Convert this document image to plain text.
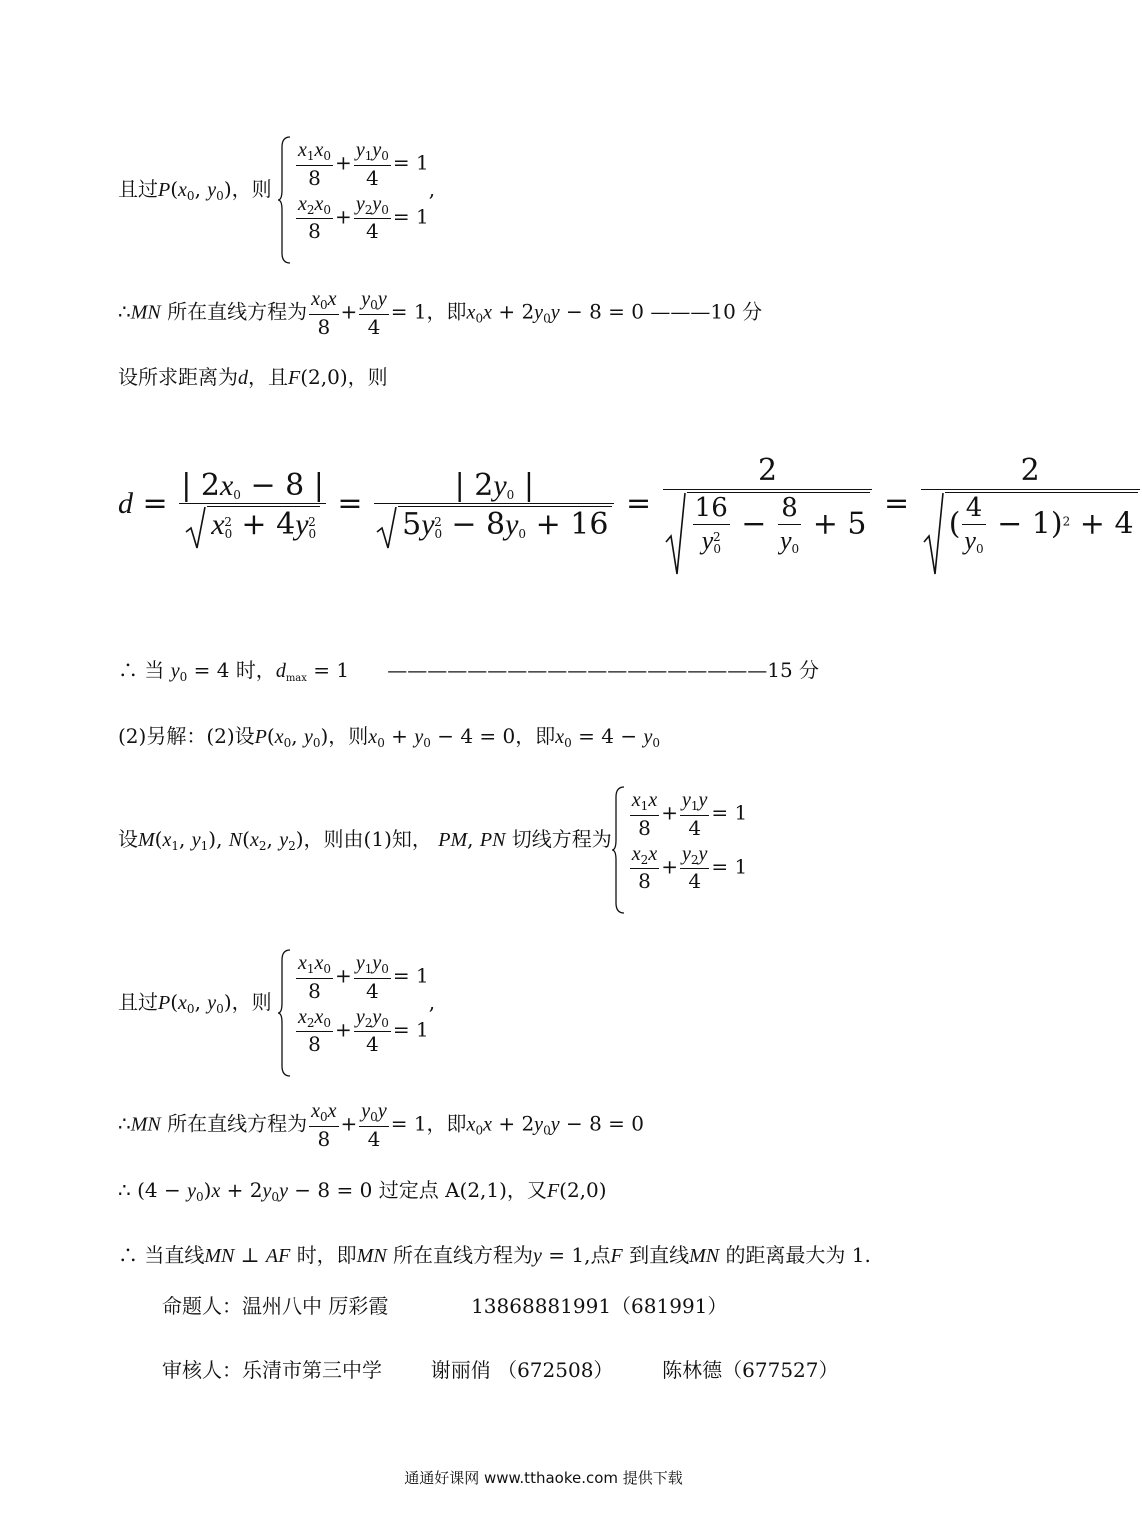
且过$P(x_0$, $y_0$)，则
$\frac{x_1x_0}{8} + \frac{y_1y_0}{4} = 1$
$\frac{x_2x_0}{8} + \frac{y_2y_0}{4} = 1$
,
∴MN 所在直线方程为 $\frac{x_0x}{8} + \frac{y_0y}{4} = 1$，即$x_0x + 2y_0y - 8 = 0$ ———10 分
设所求距离为d，且F(2,0)，则
$d = \frac{| 2x_0 - 8 |}{x_0^2 + 4y_0^2} = \frac{| 2y_0 |}{5y_0^2 - 8y_0 + 16} = \frac{2}{\frac{16}{y_0^2} - \frac{8}{y_0} + 5} = \frac{2}{( \frac{4}{y_0} - 1)^2 + 4}$
∴ 当 $y_0 = 4$ 时，$d_{max} = 1$      ———————————————————15 分
(2)另解：(2)设$P(x_0$, $y_0$)，则$x_0 + y_0 - 4 = 0$，即$x_0 = 4 - y_0$
设$M(x_1$, $y_1$), $N(x_2$, $y_2$)，则由(1)知， PM, PN 切线方程为
$\frac{x_1x}{8} + \frac{y_1y}{4} = 1$
$\frac{x_2x}{8} + \frac{y_2y}{4} = 1$
且过$P(x_0$, $y_0$)，则
$\frac{x_1x_0}{8} + \frac{y_1y_0}{4} = 1$
$\frac{x_2x_0}{8} + \frac{y_2y_0}{4} = 1$
,
∴MN 所在直线方程为 $\frac{x_0x}{8} + \frac{y_0y}{4} = 1$，即$x_0x + 2y_0y - 8 = 0$
∴ $(4 - y_0)x + 2y_0y - 8 = 0$ 过定点 A(2,1)，又F(2,0)
∴ 当直线MN ⊥ AF 时，即MN 所在直线方程为y = 1,点F 到直线MN 的距离最大为 1.
命题人：温州八中 厉彩霞	13868881991（681991）
审核人：乐清市第三中学 谢丽俏 （672508） 陈林德（677527）
通通好课网 www.tthaoke.com 提供下载
